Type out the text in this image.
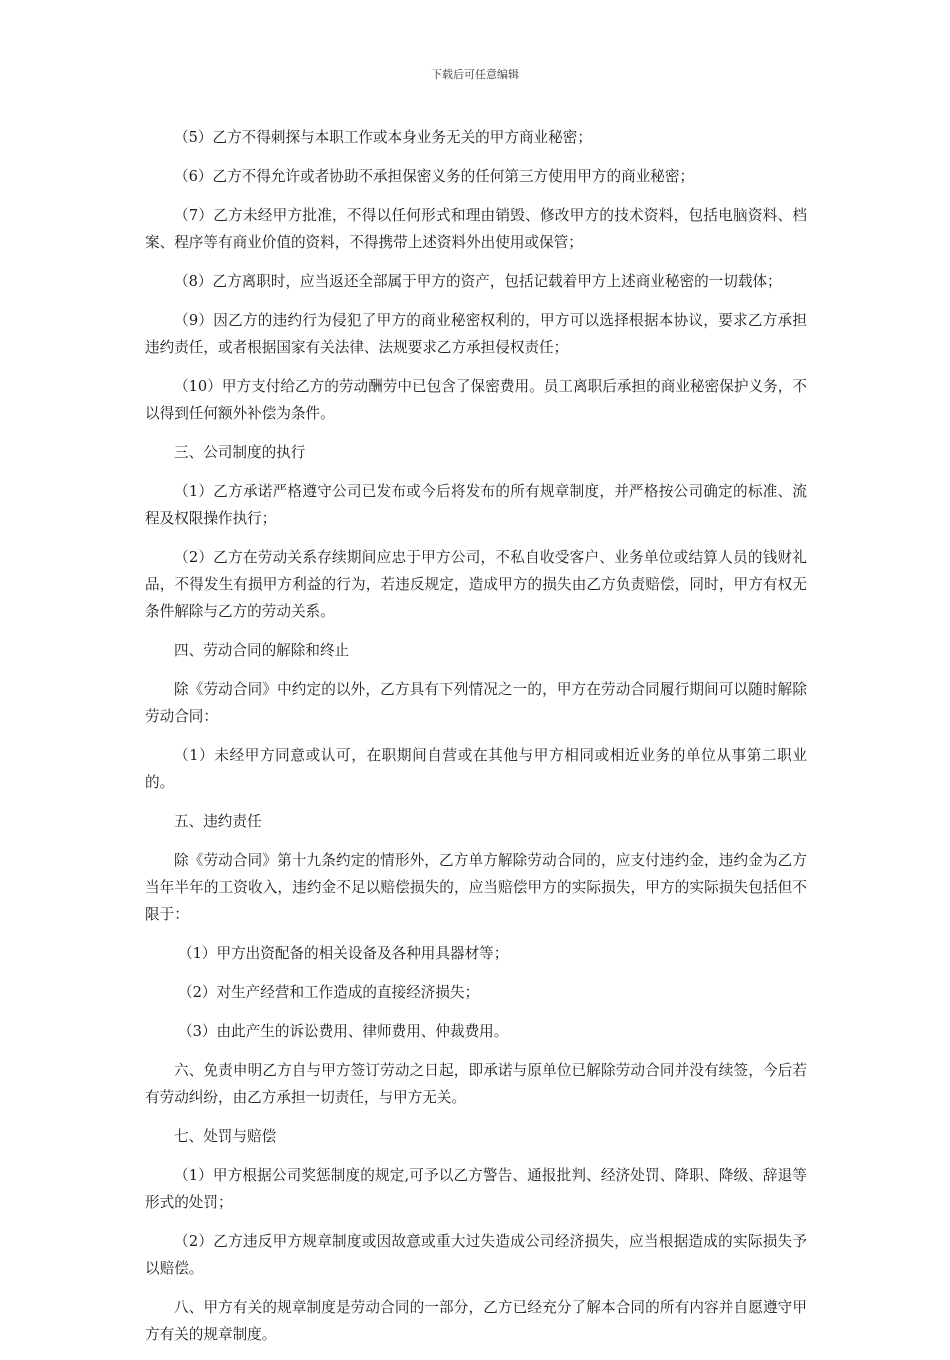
下载后可任意编辑

（5）乙方不得刺探与本职工作或本身业务无关的甲方商业秘密；

（6）乙方不得允许或者协助不承担保密义务的任何第三方使用甲方的商业秘密；

（7）乙方未经甲方批准，不得以任何形式和理由销毁、修改甲方的技术资料，包括电脑资料、档案、程序等有商业价值的资料，不得携带上述资料外出使用或保管；

（8）乙方离职时，应当返还全部属于甲方的资产，包括记载着甲方上述商业秘密的一切载体；

（9）因乙方的违约行为侵犯了甲方的商业秘密权利的，甲方可以选择根据本协议，要求乙方承担违约责任，或者根据国家有关法律、法规要求乙方承担侵权责任；

（10）甲方支付给乙方的劳动酬劳中已包含了保密费用。员工离职后承担的商业秘密保护义务，不以得到任何额外补偿为条件。

三、公司制度的执行

（1）乙方承诺严格遵守公司已发布或今后将发布的所有规章制度，并严格按公司确定的标准、流程及权限操作执行；

（2）乙方在劳动关系存续期间应忠于甲方公司，不私自收受客户、业务单位或结算人员的钱财礼品，不得发生有损甲方利益的行为，若违反规定，造成甲方的损失由乙方负责赔偿，同时，甲方有权无条件解除与乙方的劳动关系。

四、劳动合同的解除和终止

除《劳动合同》中约定的以外，乙方具有下列情况之一的，甲方在劳动合同履行期间可以随时解除劳动合同：

（1）未经甲方同意或认可，在职期间自营或在其他与甲方相同或相近业务的单位从事第二职业的。

五、违约责任

除《劳动合同》第十九条约定的情形外，乙方单方解除劳动合同的，应支付违约金，违约金为乙方当年半年的工资收入，违约金不足以赔偿损失的，应当赔偿甲方的实际损失，甲方的实际损失包括但不限于：

（1）甲方出资配备的相关设备及各种用具器材等；

（2）对生产经营和工作造成的直接经济损失；

（3）由此产生的诉讼费用、律师费用、仲裁费用。

六、免责申明乙方自与甲方签订劳动之日起，即承诺与原单位已解除劳动合同并没有续签，今后若有劳动纠纷，由乙方承担一切责任，与甲方无关。

七、处罚与赔偿

（1）甲方根据公司奖惩制度的规定,可予以乙方警告、通报批判、经济处罚、降职、降级、辞退等形式的处罚；

（2）乙方违反甲方规章制度或因故意或重大过失造成公司经济损失，应当根据造成的实际损失予以赔偿。

八、甲方有关的规章制度是劳动合同的一部分，乙方已经充分了解本合同的所有内容并自愿遵守甲方有关的规章制度。
